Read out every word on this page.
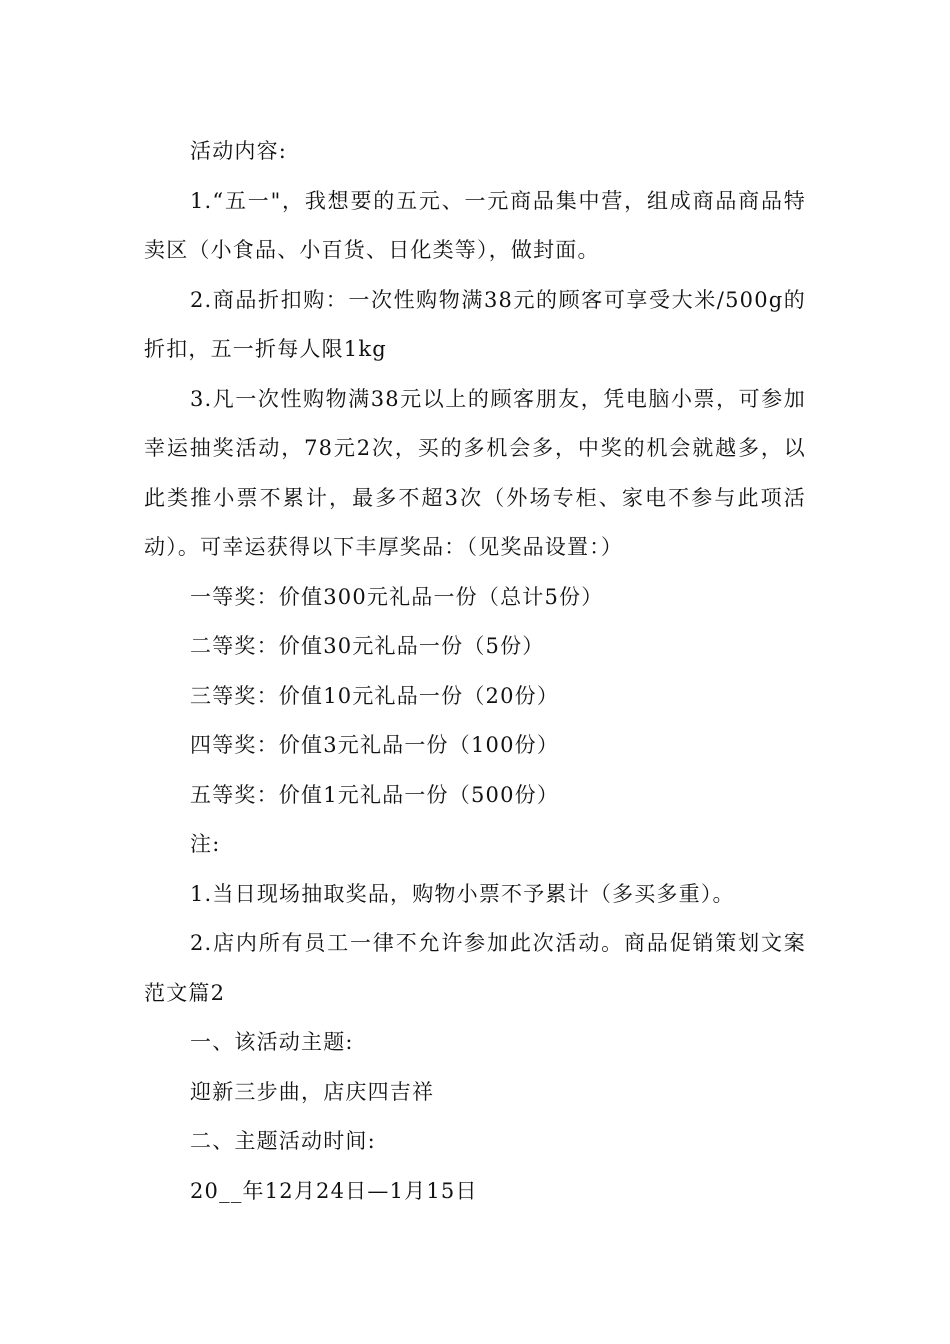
活动内容:

1.“五一"，我想要的五元、一元商品集中营，组成商品商品特卖区（小食品、小百货、日化类等），做封面。

2.商品折扣购：一次性购物满38元的顾客可享受大米/500g的折扣，五一折每人限1kg

3.凡一次性购物满38元以上的顾客朋友，凭电脑小票，可参加幸运抽奖活动，78元2次，买的多机会多，中奖的机会就越多，以此类推小票不累计，最多不超3次（外场专柜、家电不参与此项活动）。可幸运获得以下丰厚奖品：（见奖品设置：）

一等奖：价值300元礼品一份（总计5份）

二等奖：价值30元礼品一份（5份）

三等奖：价值10元礼品一份（20份）

四等奖：价值3元礼品一份（100份）

五等奖：价值1元礼品一份（500份）

注:

1.当日现场抽取奖品，购物小票不予累计（多买多重）。

2.店内所有员工一律不允许参加此次活动。商品促销策划文案范文篇2

一、该活动主题:

迎新三步曲，店庆四吉祥

二、主题活动时间:

20__年12月24日—1月15日
